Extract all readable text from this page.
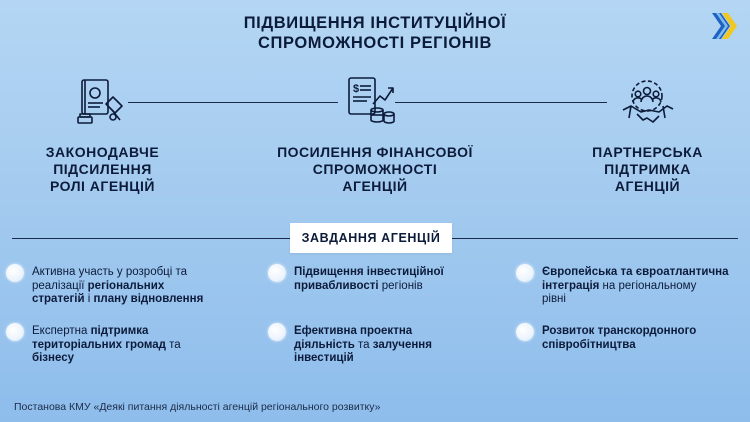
ПІДВИЩЕННЯ ІНСТИТУЦІЙНОЇ
СПРОМОЖНОСТІ РЕГІОНІВ
$
ЗАКОНОДАВЧЕ
ПІДСИЛЕННЯ
РОЛІ АГЕНЦІЙ
ПОСИЛЕННЯ ФІНАНСОВОЇ
СПРОМОЖНОСТІ
АГЕНЦІЙ
ПАРТНЕРСЬКА
ПІДТРИМКА
АГЕНЦІЙ
ЗАВДАННЯ АГЕНЦІЙ
Активна участь у розробці та
реалізації регіональних
стратегій і плану відновлення
Підвищення інвестиційної
привабливості регіонів
Європейська та євроатлантична
інтеграція на регіональному
рівні
Експертна підтримка
територіальних громад та
бізнесу
Ефективна проектна
діяльність та залучення
інвестицій
Розвиток транскордонного
співробітництва
Постанова КМУ «Деякі питання діяльності агенцій регіонального розвитку»
